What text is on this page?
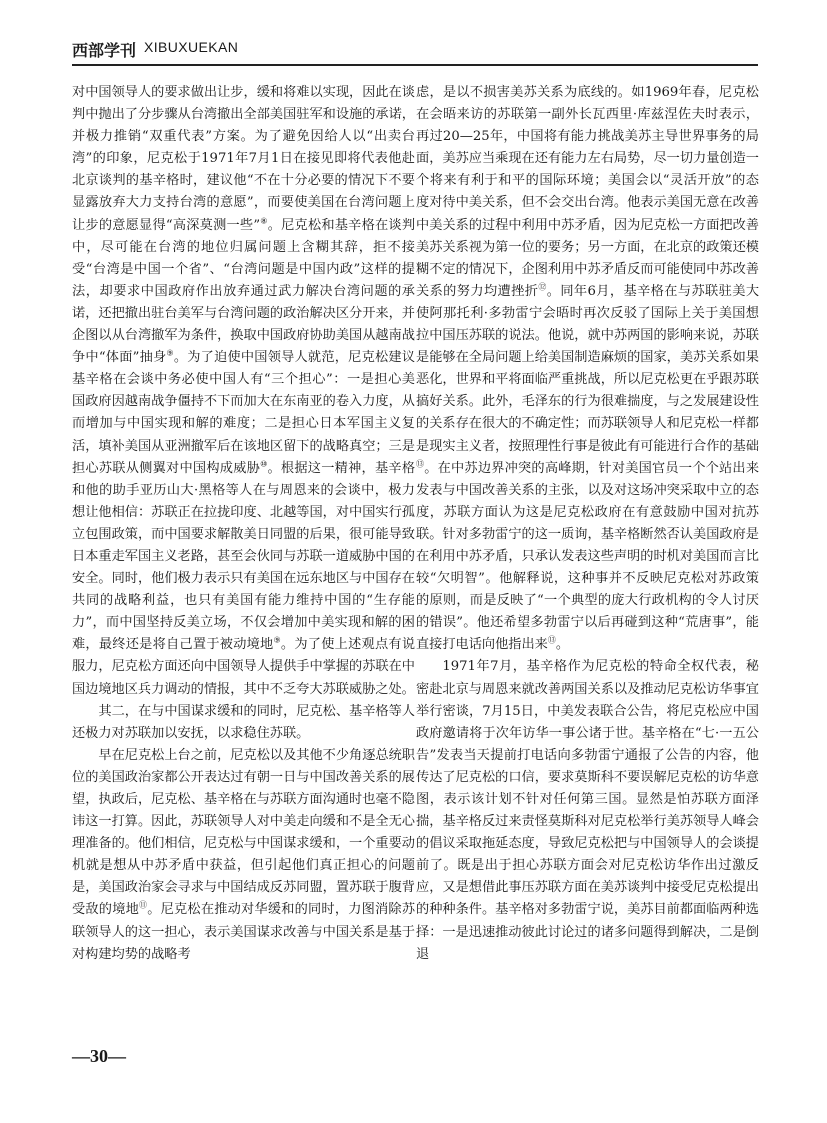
西部学刊 XIBUXUEKAN

对中国领导人的要求做出让步，缓和将难以实现，因此在谈判中抛出了分步骤从台湾撤出全部美国驻军和设施的承诺，并极力推销“双重代表”方案。为了避免因给人以“出卖台湾”的印象，尼克松于1971年7月1日在接见即将代表他赴北京谈判的基辛格时，建议他“不在十分必要的情况下不要显露放弃大力支持台湾的意愿”，而要使美国在台湾问题上让步的意愿显得“高深莫测一些”⑧。尼克松和基辛格在谈判中，尽可能在台湾的地位归属问题上含糊其辞，拒不接受“台湾是中国一个省”、“台湾问题是中国内政”这样的提法，却要求中国政府作出放弃通过武力解决台湾问题的承诺，还把撤出驻台美军与台湾问题的政治解决区分开来，并企图以从台湾撤军为条件，换取中国政府协助美国从越南战争中“体面”抽身⑨。为了迫使中国领导人就范，尼克松建议基辛格在会谈中务必使中国人有“三个担心”：一是担心美国政府因越南战争僵持不下而加大在东南亚的卷入力度，从而增加与中国实现和解的难度；二是担心日本军国主义复活，填补美国从亚洲撤军后在该地区留下的战略真空；三是担心苏联从侧翼对中国构成威胁⑩。根据这一精神，基辛格和他的助手亚历山大·黑格等人在与周恩来的会谈中，极力想让他相信：苏联正在拉拢印度、北越等国，对中国实行孤立包围政策，而中国要求解散美日同盟的后果，很可能导致日本重走军国主义老路，甚至会伙同与苏联一道威胁中国的安全。同时，他们极力表示只有美国在远东地区与中国存在共同的战略利益，也只有美国有能力维持中国的“生存能力”，而中国坚持反美立场，不仅会增加中美实现和解的困难，最终还是将自己置于被动境地⑨。为了使上述观点有说服力，尼克松方面还向中国领导人提供手中掌握的苏联在中国边境地区兵力调动的情报，其中不乏夸大苏联威胁之处。

其二，在与中国谋求缓和的同时，尼克松、基辛格等人还极力对苏联加以安抚，以求稳住苏联。

早在尼克松上台之前，尼克松以及其他不少角逐总统职位的美国政治家都公开表达过有朝一日与中国改善关系的展望，执政后，尼克松、基辛格在与苏联方面沟通时也毫不隐讳这一打算。因此，苏联领导人对中美走向缓和不是全无心理准备的。他们相信，尼克松与中国谋求缓和，一个重要动机就是想从中苏矛盾中获益，但引起他们真正担心的问题是，美国政治家会寻求与中国结成反苏同盟，置苏联于腹背受敌的境地⑪。尼克松在推动对华缓和的同时，力图消除苏联领导人的这一担心，表示美国谋求改善与中国关系是基于对构建均势的战略考

虑，是以不损害美苏关系为底线的。如1969年春，尼克松在会晤来访的苏联第一副外长瓦西里·库兹涅佐夫时表示，再过20—25年，中国将有能力挑战美苏主导世界事务的局面，美苏应当乘现在还有能力左右局势，尽一切力量创造一个将来有利于和平的国际环境；美国会以“灵活开放”的态度对待中美关系，但不会交出台湾。他表示美国无意在改善中美关系的过程中利用中苏矛盾，因为尼克松一方面把改善美苏关系视为第一位的要务；另一方面，在北京的政策还模糊不定的情况下，企图利用中苏矛盾反而可能使同中苏改善关系的努力均遭挫折⑫。同年6月，基辛格在与苏联驻美大使阿那托利·多勃雷宁会晤时再次反驳了国际上关于美国想拉中国压苏联的说法。他说，就中苏两国的影响来说，苏联是能够在全局问题上给美国制造麻烦的国家，美苏关系如果恶化，世界和平将面临严重挑战，所以尼克松更在乎跟苏联搞好关系。此外，毛泽东的行为很难揣度，与之发展建设性的关系存在很大的不确定性；而苏联领导人和尼克松一样都是现实主义者，按照理性行事是彼此有可能进行合作的基础⑬。在中苏边界冲突的高峰期，针对美国官员一个个站出来发表与中国改善关系的主张，以及对这场冲突采取中立的态度，苏联方面认为这是尼克松政府在有意鼓励中国对抗苏联。针对多勃雷宁的这一质询，基辛格断然否认美国政府是在利用中苏矛盾，只承认发表这些声明的时机对美国而言比较“欠明智”。他解释说，这种事并不反映尼克松对苏政策的原则，而是反映了“一个典型的庞大行政机构的令人讨厌的错误”。他还希望多勃雷宁以后再碰到这种“荒唐事”，能直接打电话向他指出来⑬。

1971年7月，基辛格作为尼克松的特命全权代表，秘密赴北京与周恩来就改善两国关系以及推动尼克松访华事宜举行密谈，7月15日，中美发表联合公告，将尼克松应中国政府邀请将于次年访华一事公诸于世。基辛格在“七·一五公告”发表当天提前打电话向多勃雷宁通报了公告的内容，他传达了尼克松的口信，要求莫斯科不要误解尼克松的访华意图，表示该计划不针对任何第三国。显然是怕苏联方面泽揣，基辛格反过来责怪莫斯科对尼克松举行美苏领导人峰会的倡议采取拖延态度，导致尼克松把与中国领导人的会谈提前了。既是出于担心苏联方面会对尼克松访华作出过激反应，又是想借此事压苏联方面在美苏谈判中接受尼克松提出的种种条件。基辛格对多勃雷宁说，美苏目前都面临两种选择：一是迅速推动彼此讨论过的诸多问题得到解决，二是倒退

—30—
